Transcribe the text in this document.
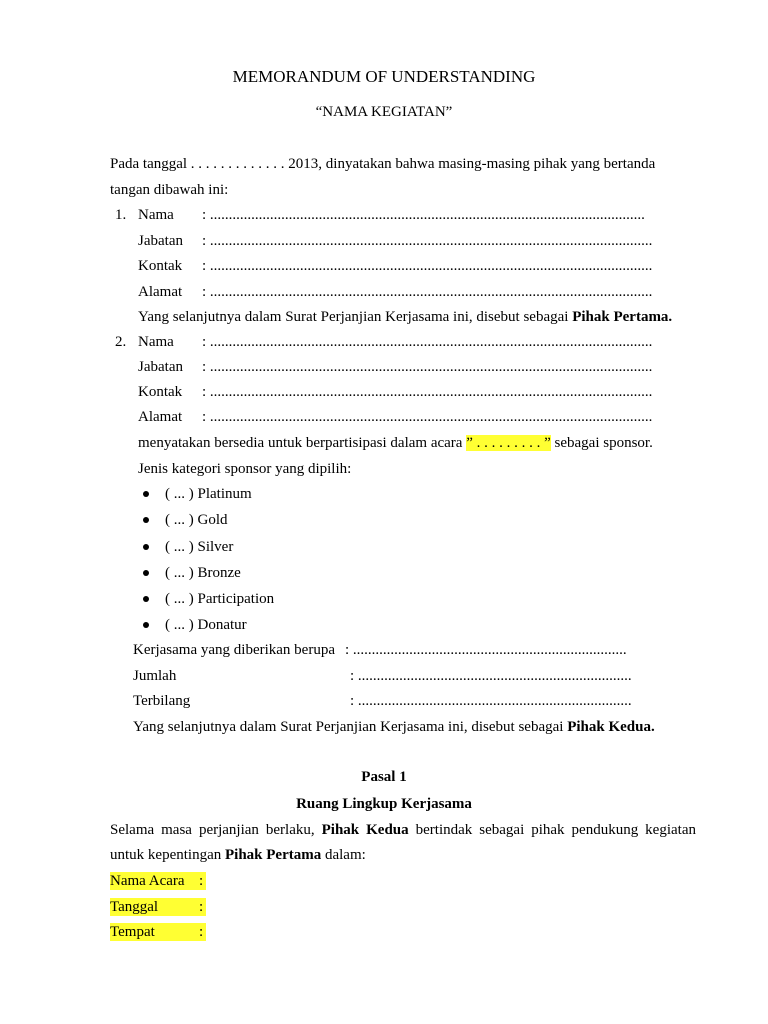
MEMORANDUM OF UNDERSTANDING
“NAMA KEGIATAN”
Pada tanggal . . . . . . . . . . . . . 2013, dinyatakan bahwa masing-masing pihak yang bertanda
tangan dibawah ini:
1. Nama : ....................................................................................................................
Jabatan : ......................................................................................................................
Kontak : ......................................................................................................................
Alamat : ......................................................................................................................
Yang selanjutnya dalam Surat Perjanjian Kerjasama ini, disebut sebagai Pihak Pertama.
2. Nama : ......................................................................................................................
Jabatan : ......................................................................................................................
Kontak : ......................................................................................................................
Alamat : ......................................................................................................................
menyatakan bersedia untuk berpartisipasi dalam acara ” . . . . . . . . . ” sebagai sponsor.
Jenis kategori sponsor yang dipilih:
( ... ) Platinum
( ... ) Gold
( ... ) Silver
( ... ) Bronze
( ... ) Participation
( ... ) Donatur
Kerjasama yang diberikan berupa : .........................................................................
Jumlah	: .........................................................................
Terbilang	: .........................................................................
Yang selanjutnya dalam Surat Perjanjian Kerjasama ini, disebut sebagai Pihak Kedua.
Pasal 1
Ruang Lingkup Kerjasama
Selama masa perjanjian berlaku, Pihak Kedua bertindak sebagai pihak pendukung kegiatan
untuk kepentingan Pihak Pertama dalam:
Nama Acara :
Tanggal	:
Tempat	:
